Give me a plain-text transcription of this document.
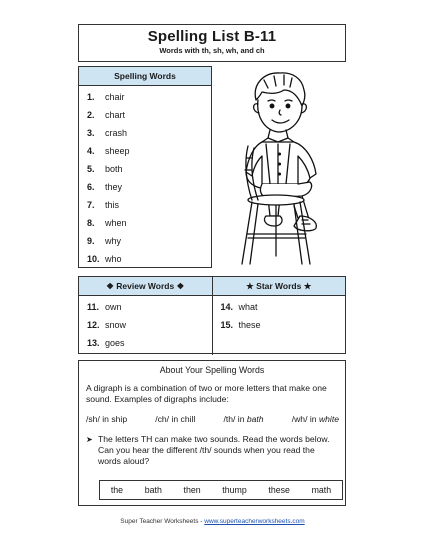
Spelling List B-11
Words with th, sh, wh, and ch
Spelling Words
1.	chair
2.	chart
3.	crash
4.	sheep
5.	both
6.	they
7.	this
8.	when
9.	why
10. who
❖ Review Words ❖	★ Star Words ★
11. own
12. snow
13. goes
14. what
15. these
About Your Spelling Words
A digraph is a combination of two or more letters that make one sound. Examples of digraphs include:
/sh/ in ship	/ch/ in chill	/th/ in bath	/wh/ in white
➤ The letters TH can make two sounds. Read the words below. Can you hear the different /th/ sounds when you read the words aloud?
the bath then thump these math
Super Teacher Worksheets - www.superteacherworksheets.com
